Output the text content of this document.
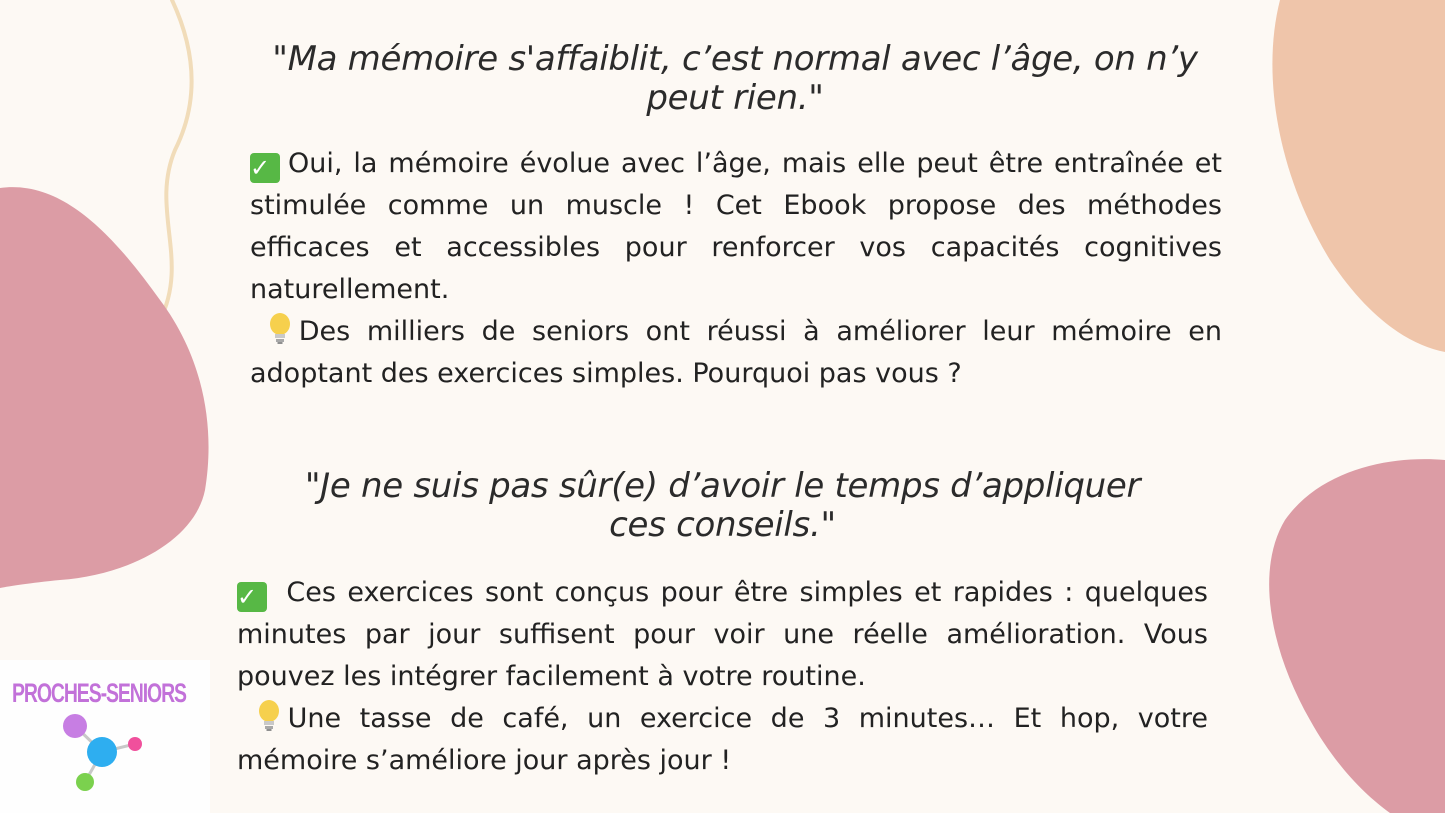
"Ma mémoire s'affaiblit, c’est normal avec l’âge, on n’y peut rien."

✓ Oui, la mémoire évolue avec l’âge, mais elle peut être entraînée et stimulée comme un muscle ! Cet Ebook propose des méthodes efficaces et accessibles pour renforcer vos capacités cognitives naturellement.

Des milliers de seniors ont réussi à améliorer leur mémoire en adoptant des exercices simples. Pourquoi pas vous ?

"Je ne suis pas sûr(e) d’avoir le temps d’appliquer ces conseils."

✓ Ces exercices sont conçus pour être simples et rapides : quelques minutes par jour suffisent pour voir une réelle amélioration. Vous pouvez les intégrer facilement à votre routine.

Une tasse de café, un exercice de 3 minutes… Et hop, votre mémoire s’améliore jour après jour !

PROCHES-SENIORS
